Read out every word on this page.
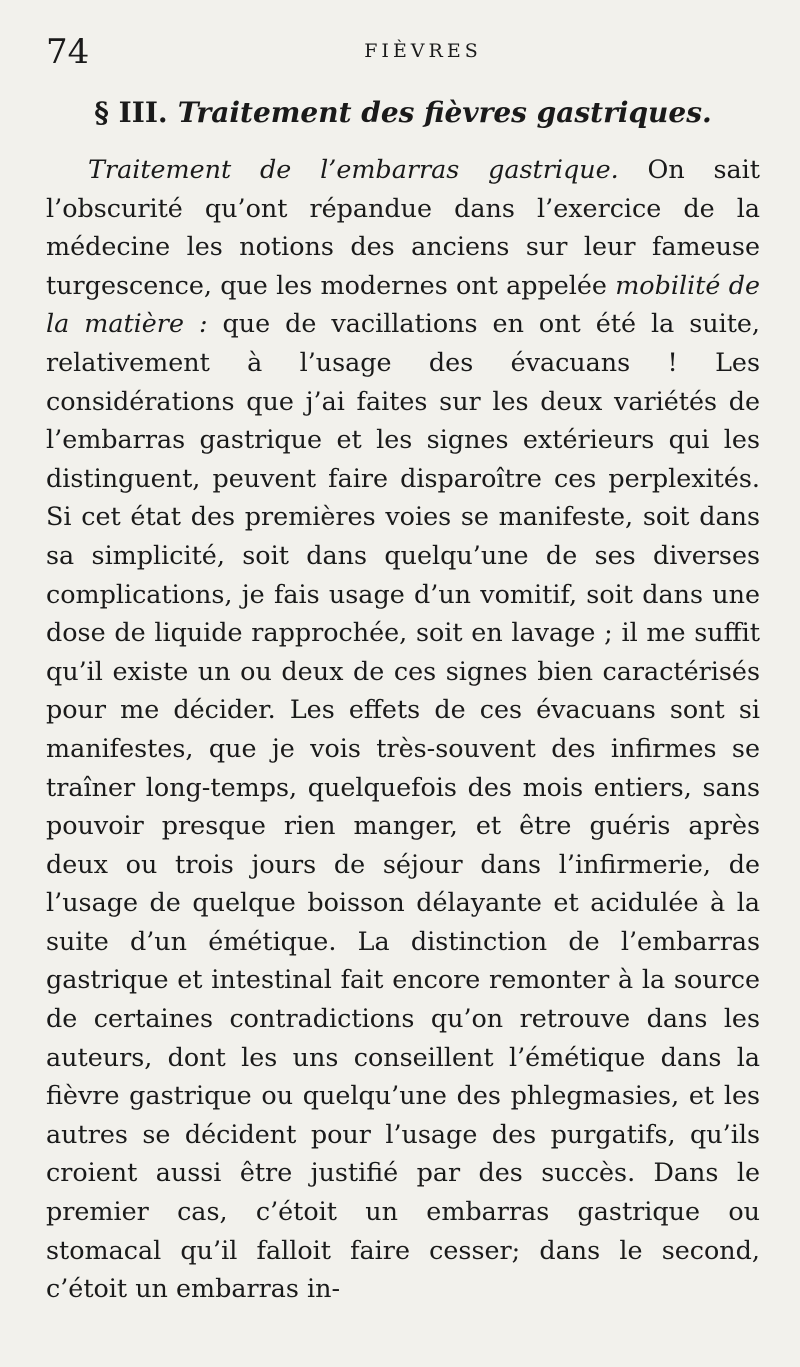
74	FIÈVRES
§ III. Traitement des fièvres gastriques.

Traitement de l’embarras gastrique. On sait l’obscurité qu’ont répandue dans l’exercice de la médecine les notions des anciens sur leur fameuse turgescence, que les modernes ont appelée mobilité de la matière : que de vacillations en ont été la suite, relativement à l’usage des évacuans ! Les considérations que j’ai faites sur les deux variétés de l’embarras gastrique et les signes extérieurs qui les distinguent, peuvent faire disparoître ces perplexités. Si cet état des premières voies se manifeste, soit dans sa simplicité, soit dans quelqu’une de ses diverses complications, je fais usage d’un vomitif, soit dans une dose de liquide rapprochée, soit en lavage ; il me suffit qu’il existe un ou deux de ces signes bien caractérisés pour me décider. Les effets de ces évacuans sont si manifestes, que je vois très-souvent des infirmes se traîner long-temps, quelquefois des mois entiers, sans pouvoir presque rien manger, et être guéris après deux ou trois jours de séjour dans l’infirmerie, de l’usage de quelque boisson délayante et acidulée à la suite d’un émétique. La distinction de l’embarras gastrique et intestinal fait encore remonter à la source de certaines contradictions qu’on retrouve dans les auteurs, dont les uns conseillent l’émétique dans la fièvre gastrique ou quelqu’une des phlegmasies, et les autres se décident pour l’usage des purgatifs, qu’ils croient aussi être justifié par des succès. Dans le premier cas, c’étoit un embarras gastrique ou stomacal qu’il falloit faire cesser; dans le second, c’étoit un embarras in-
